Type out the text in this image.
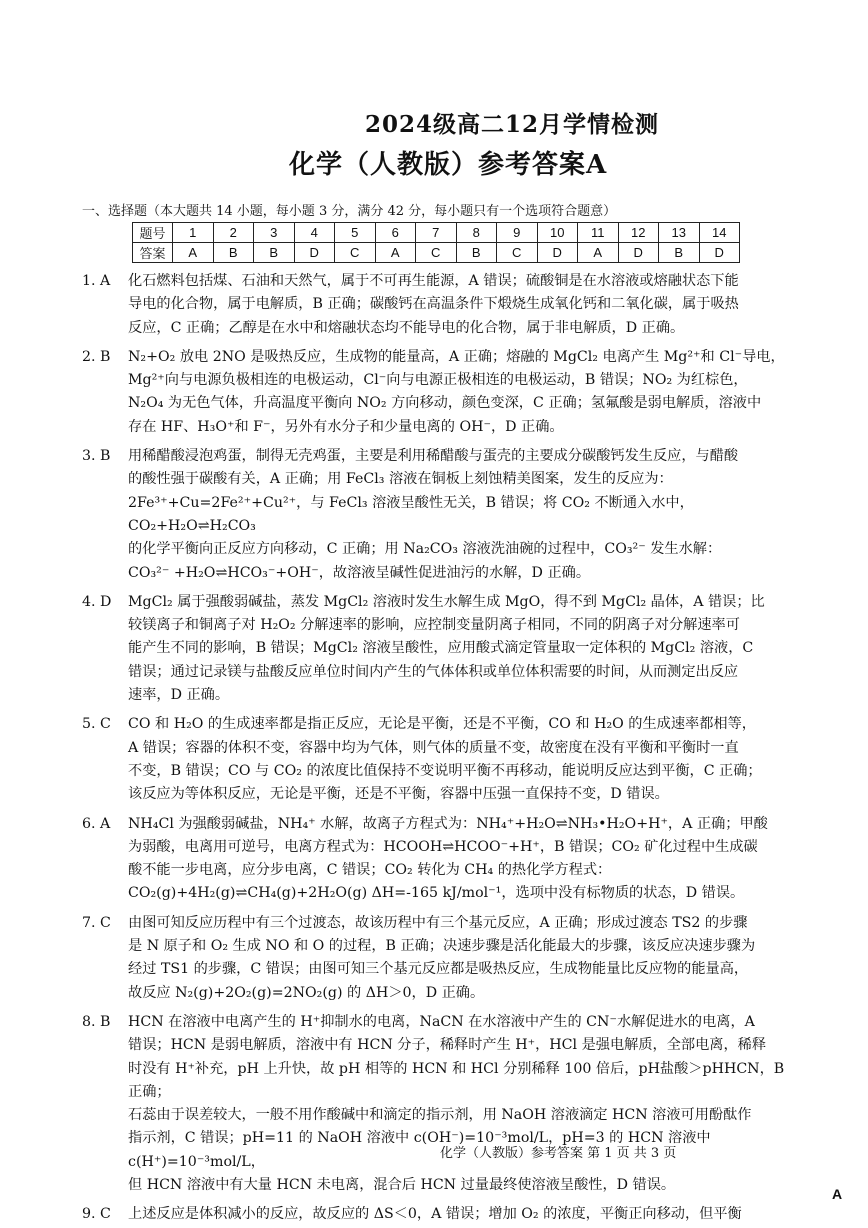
2024级高二12月学情检测
化学（人教版）参考答案A
一、选择题（本大题共 14 小题，每小题 3 分，满分 42 分，每小题只有一个选项符合题意）
题号	1	2	3	4	5	6	7	8	9	10	11	12	13	14
答案	A	B	B	D	C	A	C	B	C	D	A	D	B	D
1. A	化石燃料包括煤、石油和天然气，属于不可再生能源，A 错误；硫酸铜是在水溶液或熔融状态下能

导电的化合物，属于电解质，B 正确；碳酸钙在高温条件下煅烧生成氧化钙和二氧化碳，属于吸热

反应，C 正确；乙醇是在水中和熔融状态均不能导电的化合物，属于非电解质，D 正确。

2. B	N₂+O₂ 放电 2NO 是吸热反应，生成物的能量高，A 正确；熔融的 MgCl₂ 电离产生 Mg²⁺和 Cl⁻导电，

Mg²⁺向与电源负极相连的电极运动，Cl⁻向与电源正极相连的电极运动，B 错误；NO₂ 为红棕色，

N₂O₄ 为无色气体，升高温度平衡向 NO₂ 方向移动，颜色变深，C 正确；氢氟酸是弱电解质，溶液中

存在 HF、H₃O⁺和 F⁻，另外有水分子和少量电离的 OH⁻，D 正确。

3. B	用稀醋酸浸泡鸡蛋，制得无壳鸡蛋，主要是利用稀醋酸与蛋壳的主要成分碳酸钙发生反应，与醋酸

的酸性强于碳酸有关，A 正确；用 FeCl₃ 溶液在铜板上刻蚀精美图案，发生的反应为：

2Fe³⁺+Cu=2Fe²⁺+Cu²⁺，与 FeCl₃ 溶液呈酸性无关，B 错误；将 CO₂ 不断通入水中，CO₂+H₂O⇌H₂CO₃

的化学平衡向正反应方向移动，C 正确；用 Na₂CO₃ 溶液洗油碗的过程中，CO₃²⁻ 发生水解：

CO₃²⁻ +H₂O⇌HCO₃⁻+OH⁻，故溶液呈碱性促进油污的水解，D 正确。

4. D	MgCl₂ 属于强酸弱碱盐，蒸发 MgCl₂ 溶液时发生水解生成 MgO，得不到 MgCl₂ 晶体，A 错误；比

较镁离子和铜离子对 H₂O₂ 分解速率的影响，应控制变量阴离子相同，不同的阴离子对分解速率可

能产生不同的影响，B 错误；MgCl₂ 溶液呈酸性，应用酸式滴定管量取一定体积的 MgCl₂ 溶液，C

错误；通过记录镁与盐酸反应单位时间内产生的气体体积或单位体积需要的时间，从而测定出反应

速率，D 正确。

5. C	CO 和 H₂O 的生成速率都是指正反应，无论是平衡，还是不平衡，CO 和 H₂O 的生成速率都相等，

A 错误；容器的体积不变，容器中均为气体，则气体的质量不变，故密度在没有平衡和平衡时一直

不变，B 错误；CO 与 CO₂ 的浓度比值保持不变说明平衡不再移动，能说明反应达到平衡，C 正确；

该反应为等体积反应，无论是平衡，还是不平衡，容器中压强一直保持不变，D 错误。

6. A	NH₄Cl 为强酸弱碱盐，NH₄⁺ 水解，故离子方程式为：NH₄⁺+H₂O⇌NH₃•H₂O+H⁺，A 正确；甲酸

为弱酸，电离用可逆号，电离方程式为：HCOOH⇌HCOO⁻+H⁺，B 错误；CO₂ 矿化过程中生成碳

酸不能一步电离，应分步电离，C 错误；CO₂ 转化为 CH₄ 的热化学方程式：

CO₂(g)+4H₂(g)⇌CH₄(g)+2H₂O(g) ΔH=-165 kJ/mol⁻¹，选项中没有标物质的状态，D 错误。

7. C	由图可知反应历程中有三个过渡态，故该历程中有三个基元反应，A 正确；形成过渡态 TS2 的步骤

是 N 原子和 O₂ 生成 NO 和 O 的过程，B 正确；决速步骤是活化能最大的步骤，该反应决速步骤为

经过 TS1 的步骤，C 错误；由图可知三个基元反应都是吸热反应，生成物能量比反应物的能量高，

故反应 N₂(g)+2O₂(g)=2NO₂(g) 的 ΔH＞0，D 正确。

8. B	HCN 在溶液中电离产生的 H⁺抑制水的电离，NaCN 在水溶液中产生的 CN⁻水解促进水的电离，A

错误；HCN 是弱电解质，溶液中有 HCN 分子，稀释时产生 H⁺，HCl 是强电解质，全部电离，稀释

时没有 H⁺补充，pH 上升快，故 pH 相等的 HCN 和 HCl 分别稀释 100 倍后，pH盐酸＞pHHCN，B 正确；

石蕊由于误差较大，一般不用作酸碱中和滴定的指示剂，用 NaOH 溶液滴定 HCN 溶液可用酚酞作

指示剂，C 错误；pH=11 的 NaOH 溶液中 c(OH⁻)=10⁻³mol/L，pH=3 的 HCN 溶液中 c(H⁺)=10⁻³mol/L，

但 HCN 溶液中有大量 HCN 未电离，混合后 HCN 过量最终使溶液呈酸性，D 错误。

9. C	上述反应是体积减小的反应，故反应的 ΔS＜0，A 错误；增加 O₂ 的浓度，平衡正向移动，但平衡

化学（人教版）参考答案 第 1 页 共 3 页
A
